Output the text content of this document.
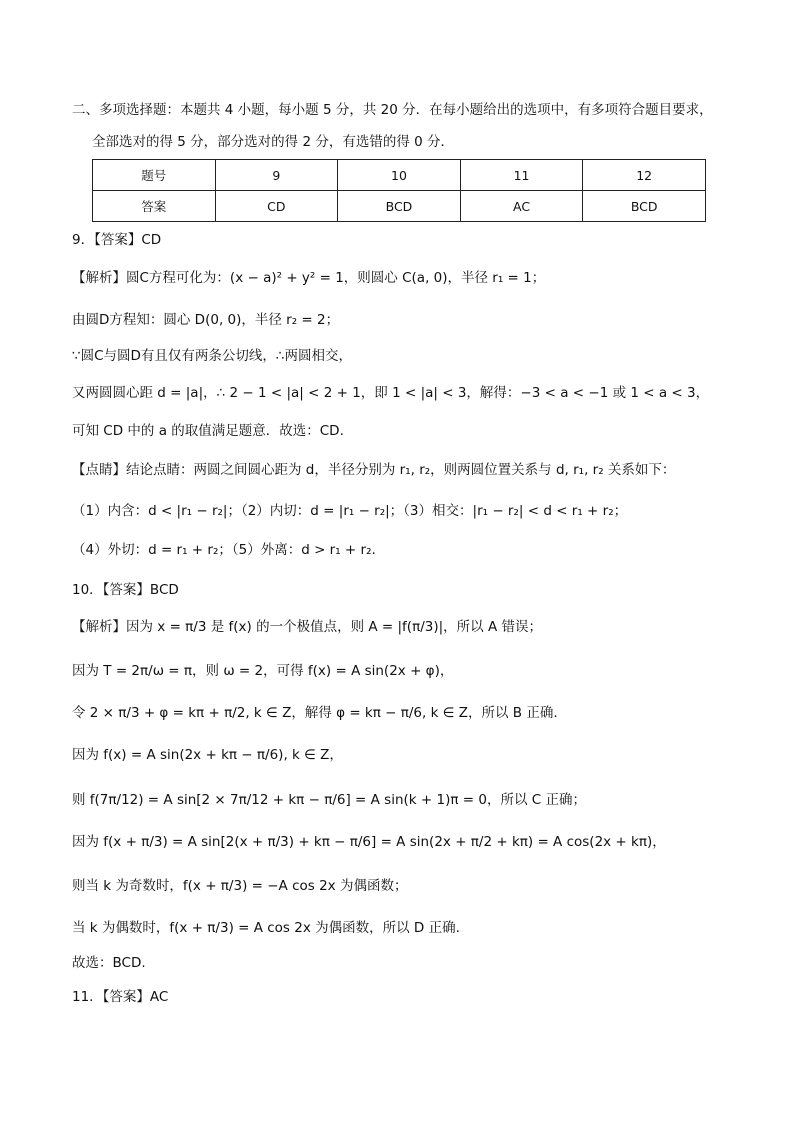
二、多项选择题：本题共 4 小题，每小题 5 分，共 20 分．在每小题给出的选项中，有多项符合题目要求，
全部选对的得 5 分，部分选对的得 2 分，有选错的得 0 分．
题号	9	10	11	12
答案	CD	BCD	AC	BCD
9．【答案】CD
【解析】圆C方程可化为：(x − a)² + y² = 1，则圆心 C(a, 0)，半径 r₁ = 1；
由圆D方程知：圆心 D(0, 0)，半径 r₂ = 2；
∵圆C与圆D有且仅有两条公切线，∴两圆相交，
又两圆圆心距 d = |a|，∴ 2 − 1 < |a| < 2 + 1，即 1 < |a| < 3，解得：−3 < a < −1 或 1 < a < 3，
可知 CD 中的 a 的取值满足题意．故选：CD.
【点睛】结论点睛：两圆之间圆心距为 d，半径分别为 r₁, r₂，则两圆位置关系与 d, r₁, r₂ 关系如下：
（1）内含：d < |r₁ − r₂|；（2）内切：d = |r₁ − r₂|；（3）相交：|r₁ − r₂| < d < r₁ + r₂；
（4）外切：d = r₁ + r₂；（5）外离：d > r₁ + r₂.
10．【答案】BCD
【解析】因为 x = π/3 是 f(x) 的一个极值点，则 A = |f(π/3)|，所以 A 错误；
因为 T = 2π/ω = π，则 ω = 2，可得 f(x) = A sin(2x + φ)，
令 2 × π/3 + φ = kπ + π/2, k ∈ Z，解得 φ = kπ − π/6, k ∈ Z，所以 B 正确.
因为 f(x) = A sin(2x + kπ − π/6), k ∈ Z，
则 f(7π/12) = A sin[2 × 7π/12 + kπ − π/6] = A sin(k + 1)π = 0，所以 C 正确；
因为 f(x + π/3) = A sin[2(x + π/3) + kπ − π/6] = A sin(2x + π/2 + kπ) = A cos(2x + kπ)，
则当 k 为奇数时，f(x + π/3) = −A cos 2x 为偶函数；
当 k 为偶数时，f(x + π/3) = A cos 2x 为偶函数，所以 D 正确.
故选：BCD.
11．【答案】AC
